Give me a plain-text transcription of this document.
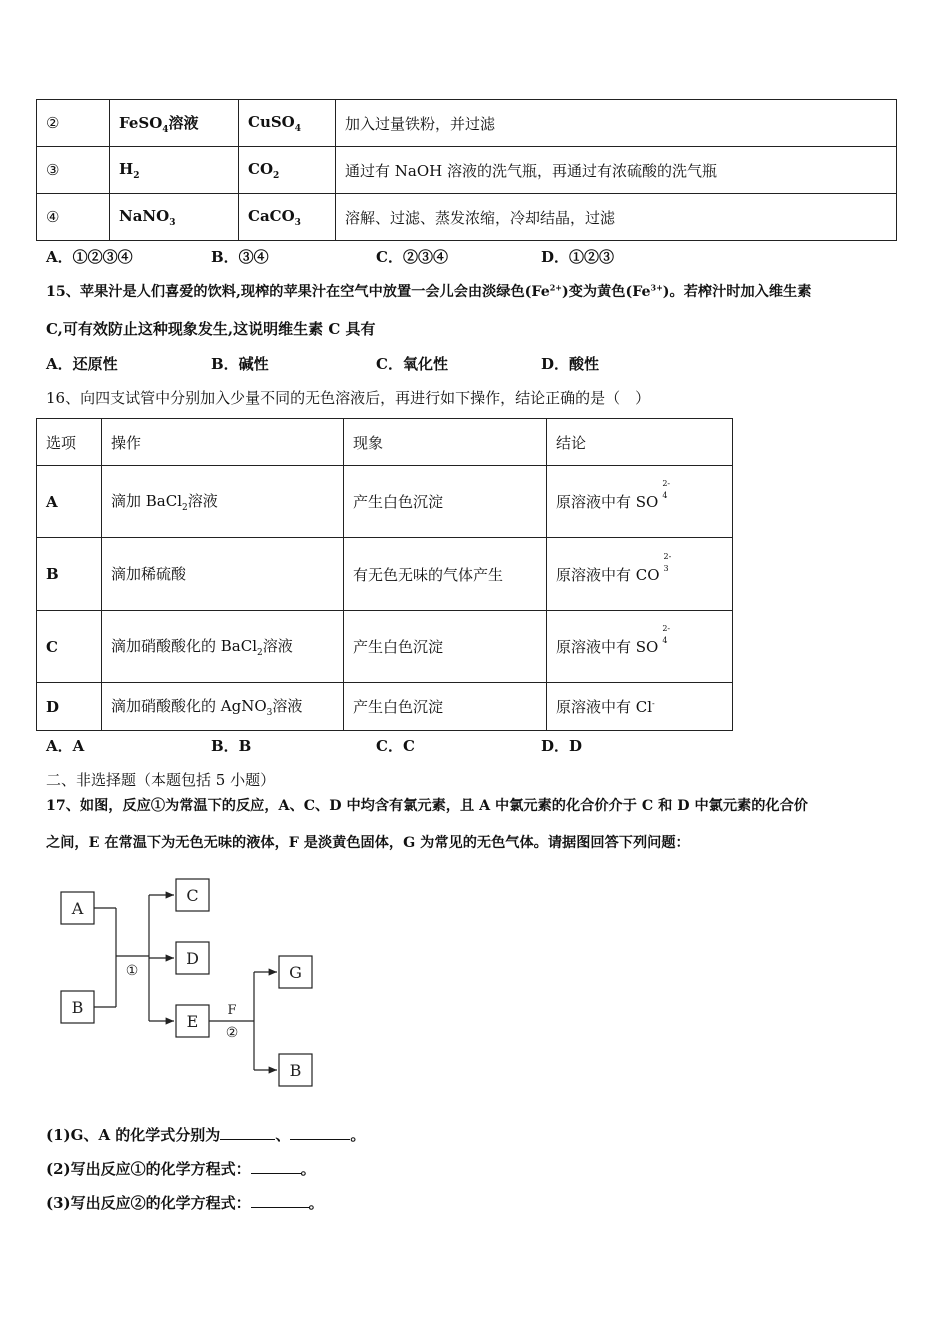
②	FeSO$_4$溶液	CuSO$_4$	加入过量铁粉，并过滤
③	$H_2$	$CO_2$	通过有 NaOH 溶液的洗气瓶，再通过有浓硫酸的洗气瓶
④	NaNO$_3$	CaCO$_3$	溶解、过滤、蒸发浓缩，冷却结晶，过滤
A．①②③④	B．③④	C．②③④	D．①②③
15、苹果汁是人们喜爱的饮料,现榨的苹果汁在空气中放置一会儿会由淡绿色$(Fe^{2+})$变为黄色$(Fe^{3+})$。若榨汁时加入维生素
C,可有效防止这种现象发生,这说明维生素 C 具有
A．还原性	B．碱性	C．氧化性	D．酸性
16、向四支试管中分别加入少量不同的无色溶液后，再进行如下操作，结论正确的是（　）
选项	操作	现象	结论
A	滴加 BaCl$_2$溶液	产生白色沉淀	原溶液中有 SO
2-
4

B	滴加稀硫酸	有无色无味的气体产生	原溶液中有 CO
2-
3

C	滴加硝酸酸化的 BaCl$_2$溶液	产生白色沉淀	原溶液中有 SO
2-
4

D	滴加硝酸酸化的 AgNO$_3$溶液	产生白色沉淀	原溶液中有 Cl-
A．A	B．B	C．C	D．D
二、非选择题（本题包括 5 小题）
17、如图，反应①为常温下的反应，A、C、D 中均含有氯元素，且 A 中氯元素的化合价介于 C 和 D 中氯元素的化合价
之间，E 在常温下为无色无味的液体，F 是淡黄色固体，G 为常见的无色气体。请据图回答下列问题：
A
B
C
D
E
G
B
①
F
②
(1)G、A 的化学式分别为	、	。
(2)写出反应①的化学方程式：	。
(3)写出反应②的化学方程式：	。
